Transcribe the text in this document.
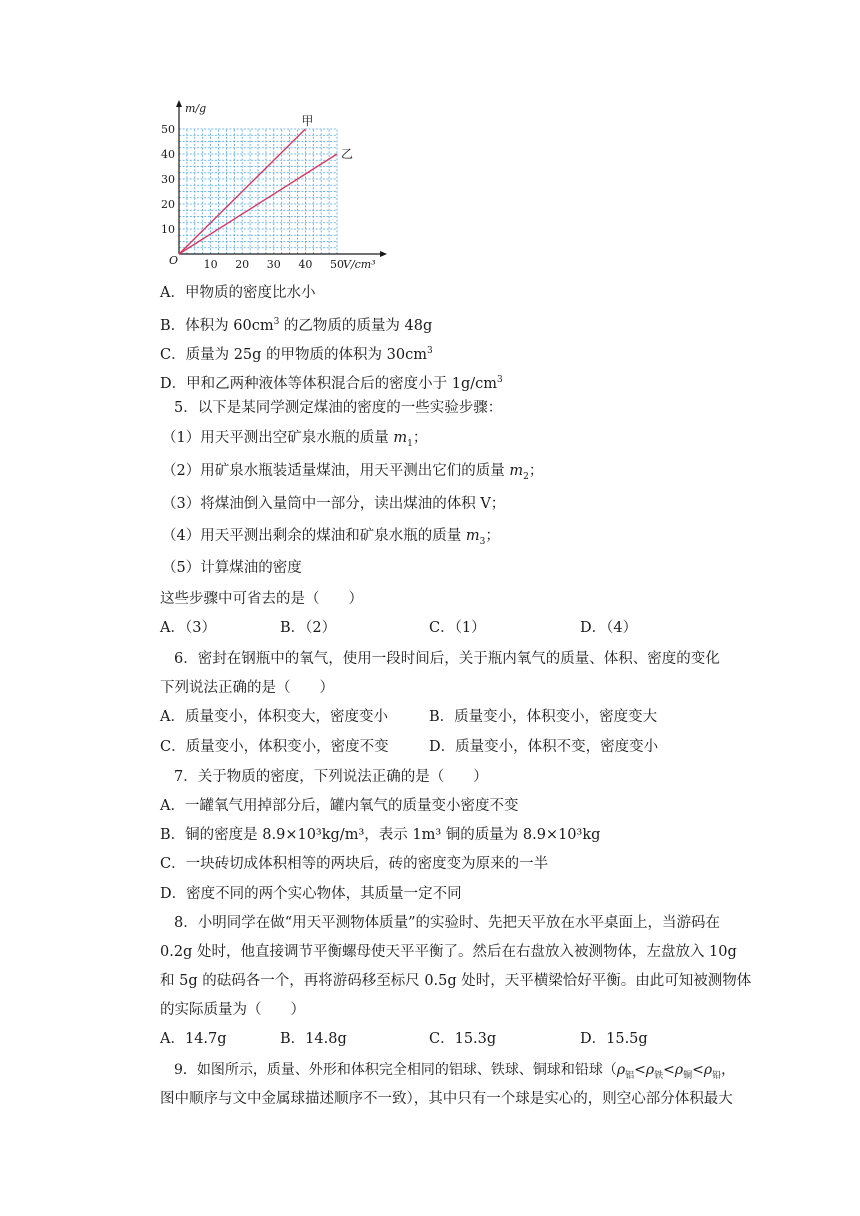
10 20 30 40 50
10
20
30
40
50
O
m/g
V/cm³
甲
乙
A．甲物质的密度比水小
B．体积为 $60cm^3$ 的乙物质的质量为 48g
C．质量为 25g 的甲物质的体积为 $30cm^3$
D．甲和乙两种液体等体积混合后的密度小于 $1g/cm^3$
5．以下是某同学测定煤油的密度的一些实验步骤：
（1）用天平测出空矿泉水瓶的质量 $m_1$；
（2）用矿泉水瓶装适量煤油，用天平测出它们的质量 $m_2$；
（3）将煤油倒入量筒中一部分，读出煤油的体积 V；
（4）用天平测出剩余的煤油和矿泉水瓶的质量 $m_3$；
（5）计算煤油的密度
这些步骤中可省去的是（　　）
A．（3）	B．（2）	C．（1）	D．（4）
6．密封在钢瓶中的氧气，使用一段时间后，关于瓶内氧气的质量、体积、密度的变化
下列说法正确的是（　　）
A．质量变小，体积变大，密度变小	B．质量变小，体积变小，密度变大
C．质量变小，体积变小，密度不变	D．质量变小，体积不变，密度变小
7．关于物质的密度，下列说法正确的是（　　）
A．一罐氧气用掉部分后，罐内氧气的质量变小密度不变
B．铜的密度是 8.9×10³kg/m³，表示 1m³ 铜的质量为 8.9×10³kg
C．一块砖切成体积相等的两块后，砖的密度变为原来的一半
D．密度不同的两个实心物体，其质量一定不同
8．小明同学在做“用天平测物体质量”的实验时、先把天平放在水平桌面上，当游码在
0.2g 处时，他直接调节平衡螺母使天平平衡了。然后在右盘放入被测物体，左盘放入 10g
和 5g 的砝码各一个，再将游码移至标尺 0.5g 处时，天平横梁恰好平衡。由此可知被测物体
的实际质量为（　　）
A．14.7g	B．14.8g	C．15.3g	D．15.5g
9．如图所示，质量、外形和体积完全相同的铝球、铁球、铜球和铅球（$\rho_铝<\rho_铁<\rho_铜<\rho_铅$，
图中顺序与文中金属球描述顺序不一致），其中只有一个球是实心的，则空心部分体积最大
